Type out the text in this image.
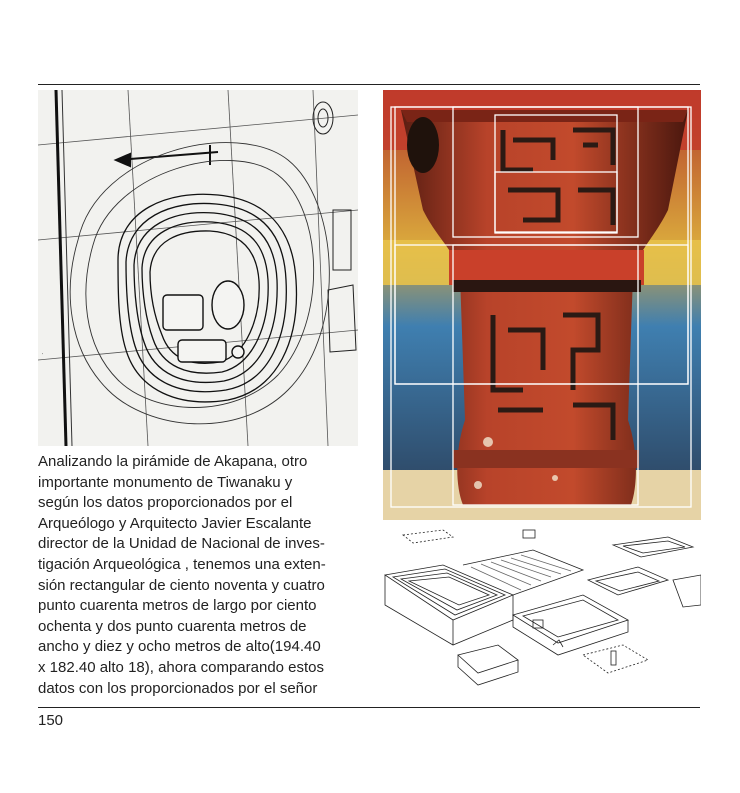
·

Analizando la pirámide de Akapana, otro
importante monumento de Tiwanaku y
según los datos proporcionados por el
Arqueólogo y Arquitecto Javier Escalante
director de la Unidad de Nacional de inves-
tigación Arqueológica , tenemos una exten-
sión rectangular de ciento noventa y cuatro
punto cuarenta metros de largo por ciento
ochenta y dos punto cuarenta metros de
ancho y diez y ocho metros de alto(194.40
x 182.40 alto 18), ahora comparando estos
datos con los proporcionados por el señor

150
